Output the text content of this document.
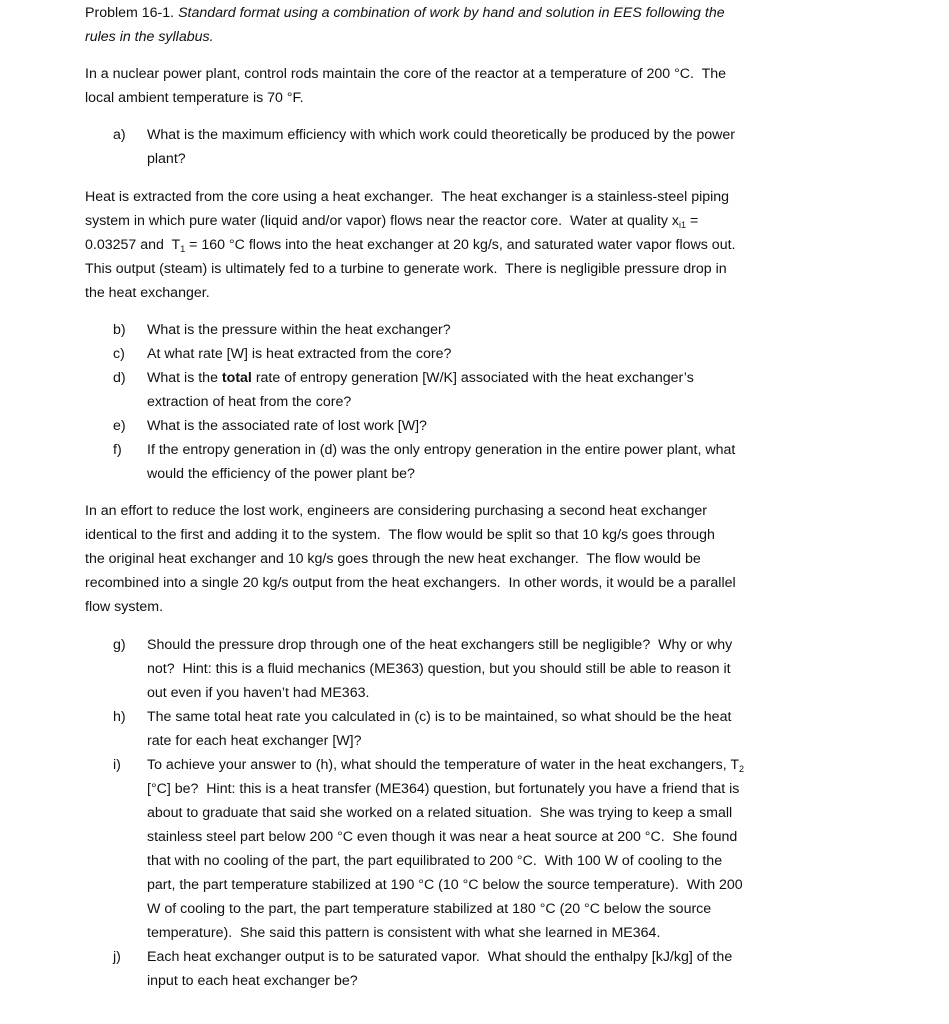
Problem 16-1. Standard format using a combination of work by hand and solution in EES following the
rules in the syllabus.
In a nuclear power plant, control rods maintain the core of the reactor at a temperature of 200 °C.  The
local ambient temperature is 70 °F.
a) What is the maximum efficiency with which work could theoretically be produced by the power
plant?
Heat is extracted from the core using a heat exchanger.  The heat exchanger is a stainless-steel piping
system in which pure water (liquid and/or vapor) flows near the reactor core.  Water at quality $x_{i1}$ =
0.03257 and  $T_1 = 160$ °C flows into the heat exchanger at 20 kg/s, and saturated water vapor flows out.
This output (steam) is ultimately fed to a turbine to generate work.  There is negligible pressure drop in
the heat exchanger.
b) What is the pressure within the heat exchanger?
c) At what rate [W] is heat extracted from the core?
d) What is the total rate of entropy generation [W/K] associated with the heat exchanger’s
extraction of heat from the core?
e) What is the associated rate of lost work [W]?
f) If the entropy generation in (d) was the only entropy generation in the entire power plant, what
would the efficiency of the power plant be?
In an effort to reduce the lost work, engineers are considering purchasing a second heat exchanger
identical to the first and adding it to the system.  The flow would be split so that 10 kg/s goes through
the original heat exchanger and 10 kg/s goes through the new heat exchanger.  The flow would be
recombined into a single 20 kg/s output from the heat exchangers.  In other words, it would be a parallel
flow system.
g) Should the pressure drop through one of the heat exchangers still be negligible?  Why or why
not?  Hint: this is a fluid mechanics (ME363) question, but you should still be able to reason it
out even if you haven’t had ME363.
h) The same total heat rate you calculated in (c) is to be maintained, so what should be the heat
rate for each heat exchanger [W]?
i) To achieve your answer to (h), what should the temperature of water in the heat exchangers, $T_2$
[°C] be?  Hint: this is a heat transfer (ME364) question, but fortunately you have a friend that is
about to graduate that said she worked on a related situation.  She was trying to keep a small
stainless steel part below 200 °C even though it was near a heat source at 200 °C.  She found
that with no cooling of the part, the part equilibrated to 200 °C.  With 100 W of cooling to the
part, the part temperature stabilized at 190 °C (10 °C below the source temperature).  With 200
W of cooling to the part, the part temperature stabilized at 180 °C (20 °C below the source
temperature).  She said this pattern is consistent with what she learned in ME364.
j) Each heat exchanger output is to be saturated vapor.  What should the enthalpy [kJ/kg] of the
input to each heat exchanger be?
